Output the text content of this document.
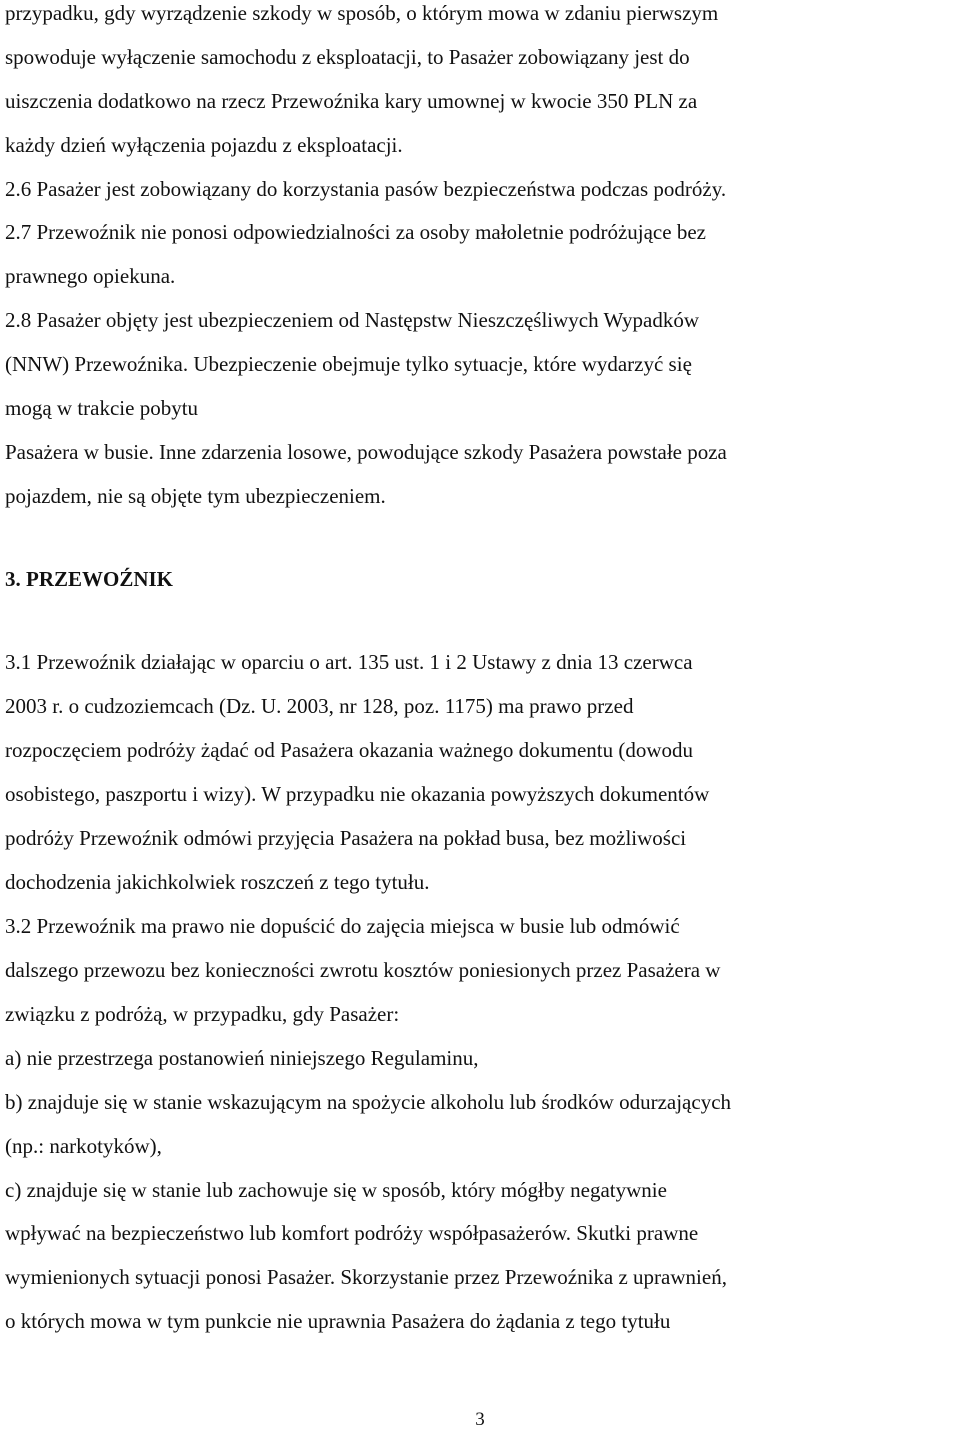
przypadku, gdy wyrządzenie szkody w sposób, o którym mowa w zdaniu pierwszym
spowoduje wyłączenie samochodu z eksploatacji, to Pasażer zobowiązany jest do
uiszczenia dodatkowo na rzecz Przewoźnika kary umownej w kwocie 350 PLN za
każdy dzień wyłączenia pojazdu z eksploatacji.
2.6 Pasażer jest zobowiązany do korzystania pasów bezpieczeństwa podczas podróży.
2.7 Przewoźnik nie ponosi odpowiedzialności za osoby małoletnie podróżujące bez
prawnego opiekuna.
2.8 Pasażer objęty jest ubezpieczeniem od Następstw Nieszczęśliwych Wypadków
(NNW) Przewoźnika. Ubezpieczenie obejmuje tylko sytuacje, które wydarzyć się
mogą w trakcie pobytu
Pasażera w busie. Inne zdarzenia losowe, powodujące szkody Pasażera powstałe poza
pojazdem, nie są objęte tym ubezpieczeniem.
3. PRZEWOŹNIK
3.1 Przewoźnik działając w oparciu o art. 135 ust. 1 i 2 Ustawy z dnia 13 czerwca
2003 r. o cudzoziemcach (Dz. U. 2003, nr 128, poz. 1175) ma prawo przed
rozpoczęciem podróży żądać od Pasażera okazania ważnego dokumentu (dowodu
osobistego, paszportu i wizy). W przypadku nie okazania powyższych dokumentów
podróży Przewoźnik odmówi przyjęcia Pasażera na pokład busa, bez możliwości
dochodzenia jakichkolwiek roszczeń z tego tytułu.
3.2 Przewoźnik ma prawo nie dopuścić do zajęcia miejsca w busie lub odmówić
dalszego przewozu bez konieczności zwrotu kosztów poniesionych przez Pasażera w
związku z podróżą, w przypadku, gdy Pasażer:
a) nie przestrzega postanowień niniejszego Regulaminu,
b) znajduje się w stanie wskazującym na spożycie alkoholu lub środków odurzających
(np.: narkotyków),
c) znajduje się w stanie lub zachowuje się w sposób, który mógłby negatywnie
wpływać na bezpieczeństwo lub komfort podróży współpasażerów. Skutki prawne
wymienionych sytuacji ponosi Pasażer. Skorzystanie przez Przewoźnika z uprawnień,
o których mowa w tym punkcie nie uprawnia Pasażera do żądania z tego tytułu
3
